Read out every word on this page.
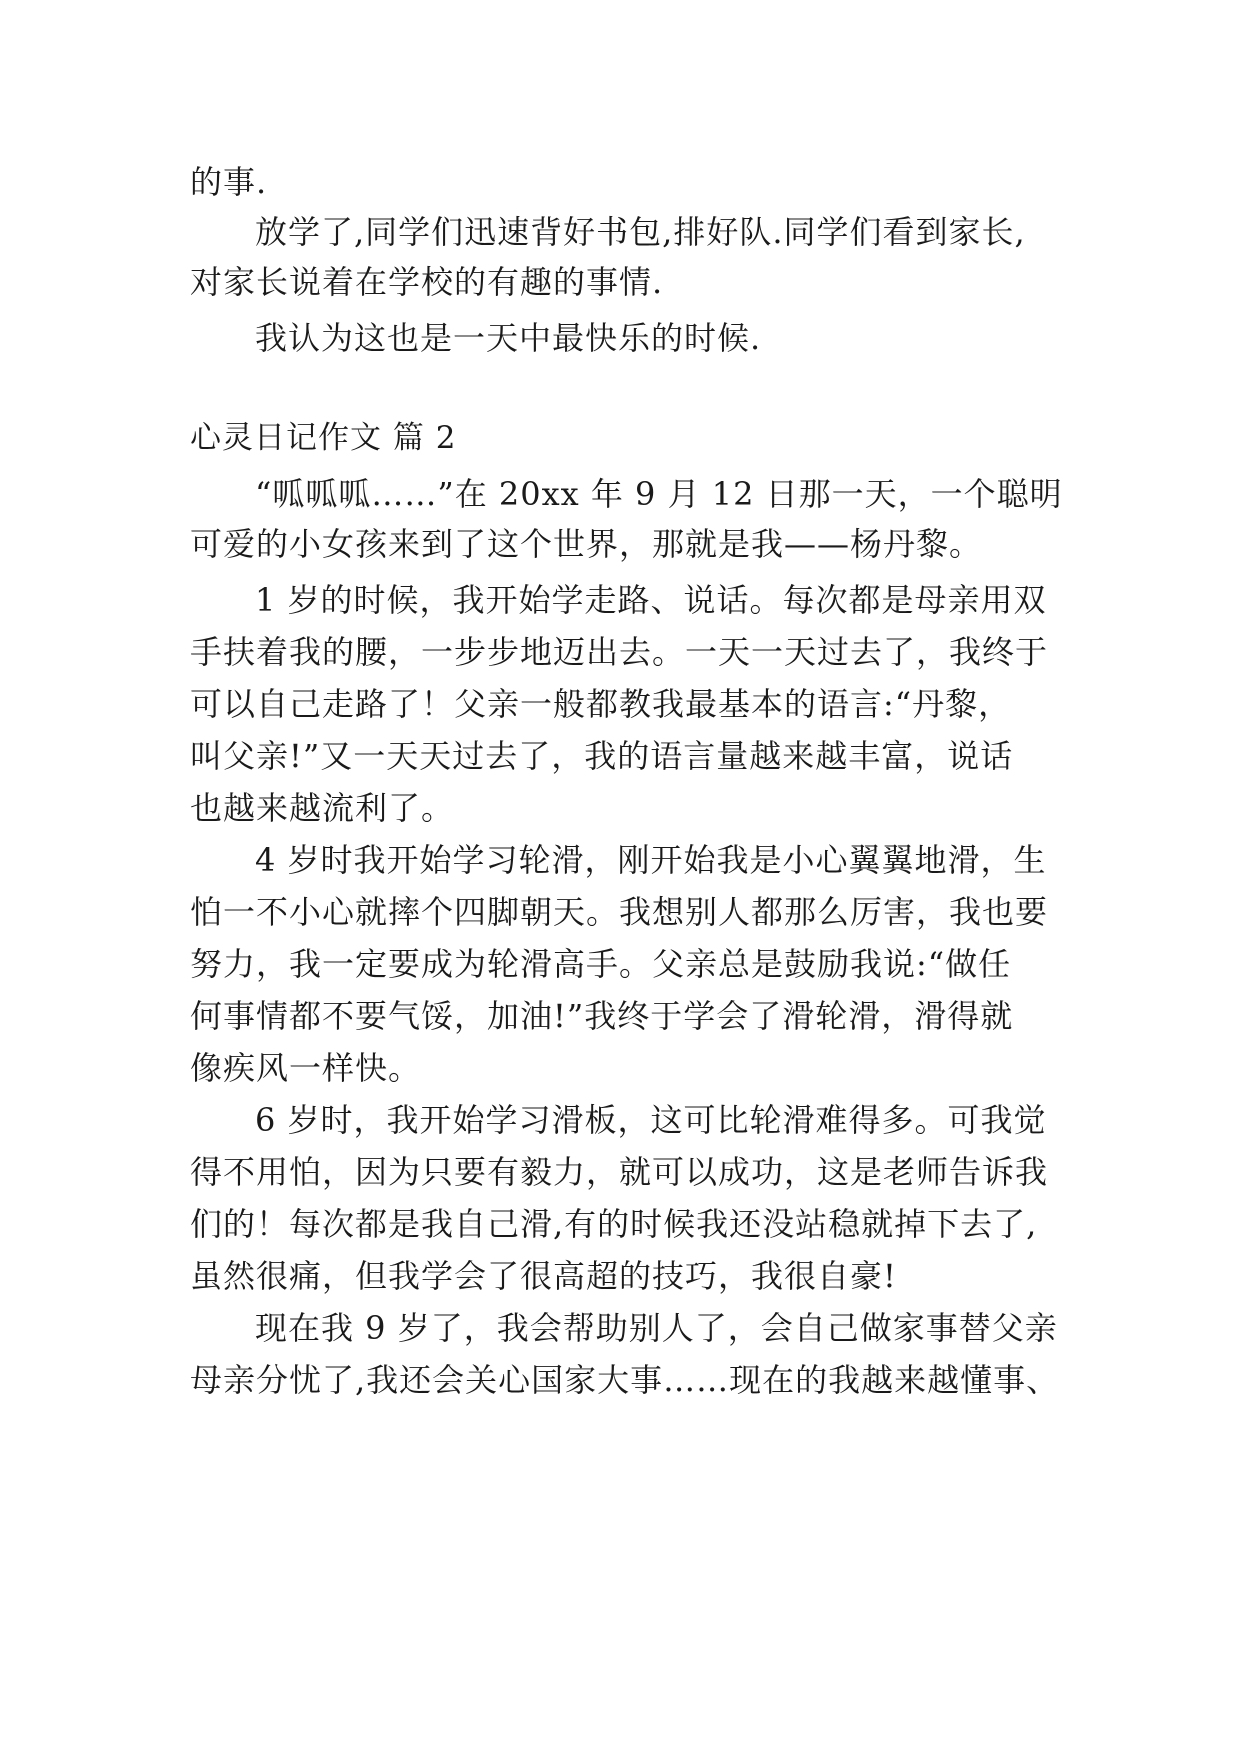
的事.
放学了,同学们迅速背好书包,排好队.同学们看到家长,
对家长说着在学校的有趣的事情.
我认为这也是一天中最快乐的时候.
心灵日记作文 篇 2
“呱呱呱……”在 20xx 年 9 月 12 日那一天，一个聪明
可爱的小女孩来到了这个世界，那就是我——杨丹黎。
1 岁的时候，我开始学走路、说话。每次都是母亲用双
手扶着我的腰，一步步地迈出去。一天一天过去了，我终于
可以自己走路了！父亲一般都教我最基本的语言:“丹黎，
叫父亲!”又一天天过去了，我的语言量越来越丰富，说话
也越来越流利了。
4 岁时我开始学习轮滑，刚开始我是小心翼翼地滑，生
怕一不小心就摔个四脚朝天。我想别人都那么厉害，我也要
努力，我一定要成为轮滑高手。父亲总是鼓励我说:“做任
何事情都不要气馁，加油!”我终于学会了滑轮滑，滑得就
像疾风一样快。
6 岁时，我开始学习滑板，这可比轮滑难得多。可我觉
得不用怕，因为只要有毅力，就可以成功，这是老师告诉我
们的！每次都是我自己滑,有的时候我还没站稳就掉下去了,
虽然很痛，但我学会了很高超的技巧，我很自豪!
现在我 9 岁了，我会帮助别人了，会自己做家事替父亲
母亲分忧了,我还会关心国家大事……现在的我越来越懂事、
